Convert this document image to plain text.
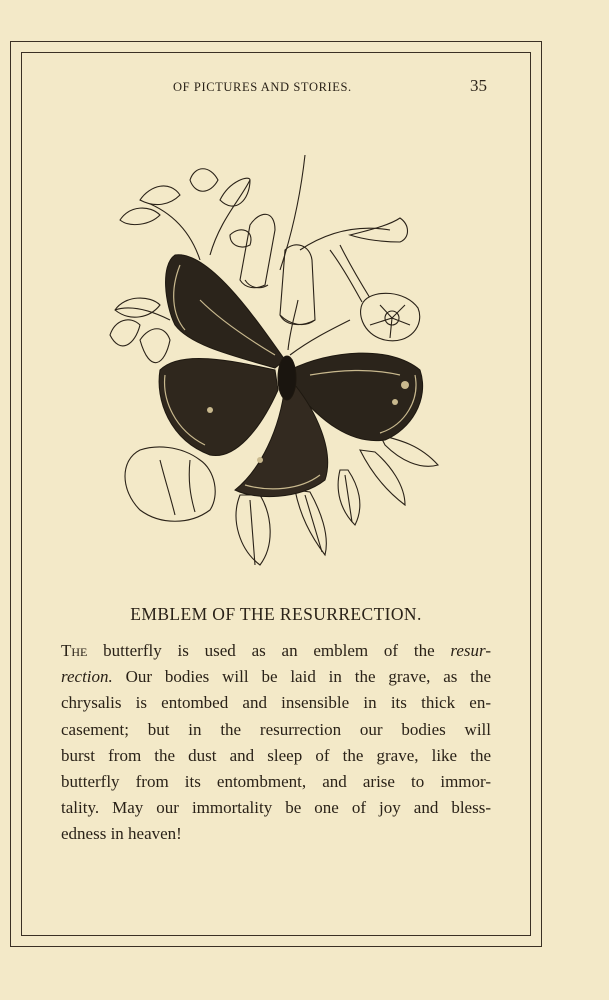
OF PICTURES AND STORIES.	35
EMBLEM OF THE RESURRECTION.
The butterfly is used as an emblem of the resur-
rection. Our bodies will be laid in the grave, as the
chrysalis is entombed and insensible in its thick en-
casement; but in the resurrection our bodies will
burst from the dust and sleep of the grave, like the
butterfly from its entombment, and arise to immor-
tality. May our immortality be one of joy and bless-
edness in heaven!
